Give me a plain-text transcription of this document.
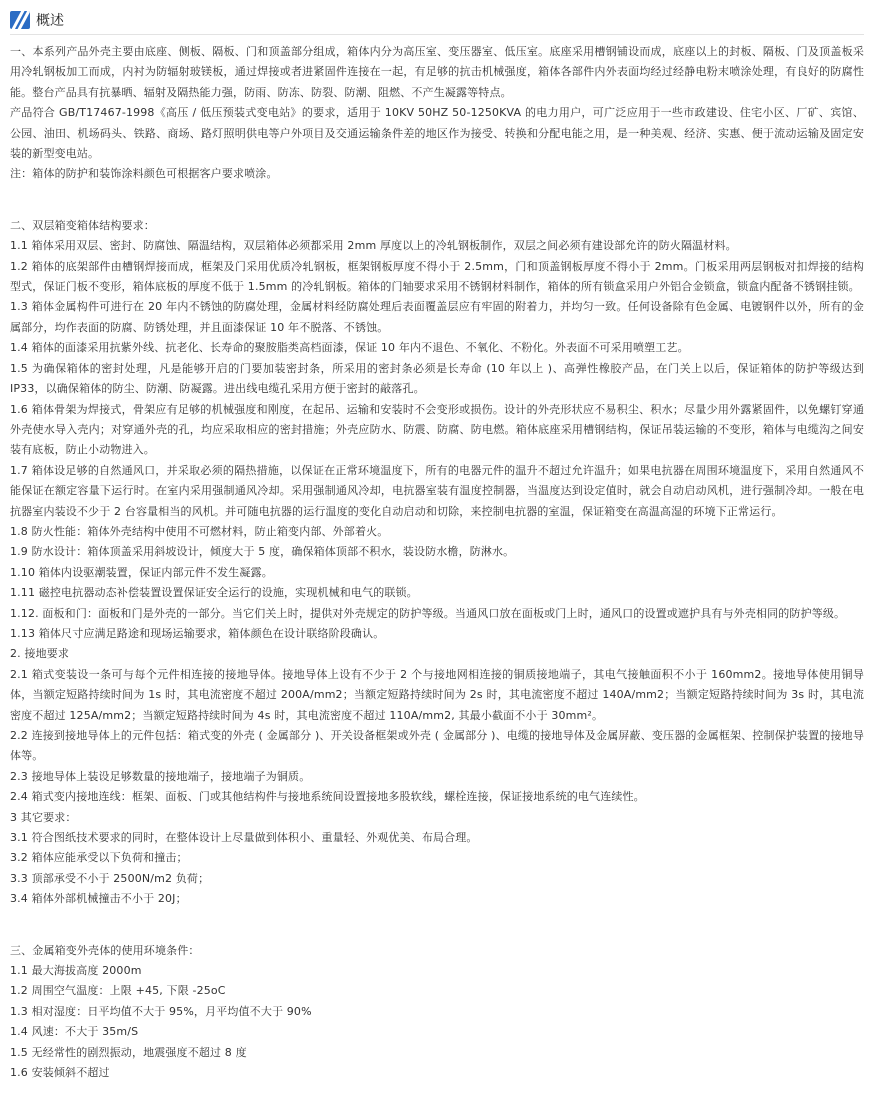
概述

一、本系列产品外壳主要由底座、侧板、隔板、门和顶盖部分组成，箱体内分为高压室、变压器室、低压室。底座采用槽钢铺设而成，底座以上的封板、隔板、门及顶盖板采用冷轧钢板加工而成，内衬为防辐射玻镁板，通过焊接或者进紧固件连接在一起，有足够的抗击机械强度，箱体各部件内外表面均经过经静电粉末喷涂处理，有良好的防腐性能。整台产品具有抗暴晒、辐射及隔热能力强，防雨、防冻、防裂、防潮、阻燃、不产生凝露等特点。

产品符合 GB/T17467-1998《高压 / 低压预装式变电站》的要求，适用于 10KV 50HZ 50-1250KVA 的电力用户，可广泛应用于一些市政建设、住宅小区、厂矿、宾馆、公园、油田、机场码头、铁路、商场、路灯照明供电等户外项目及交通运输条件差的地区作为接受、转换和分配电能之用，是一种美观、经济、实惠、便于流动运输及固定安装的新型变电站。

注：箱体的防护和装饰涂料颜色可根据客户要求喷涂。

二、双层箱变箱体结构要求：

1.1 箱体采用双层、密封、防腐蚀、隔温结构，双层箱体必须都采用 2mm 厚度以上的冷轧钢板制作，双层之间必须有建设部允许的防火隔温材料。

1.2 箱体的底架部件由槽钢焊接而成，框架及门采用优质冷轧钢板，框架钢板厚度不得小于 2.5mm，门和顶盖钢板厚度不得小于 2mm。门板采用两层钢板对扣焊接的结构型式，保证门板不变形，箱体底板的厚度不低于 1.5mm 的冷轧钢板。箱体的门轴要求采用不锈钢材料制作，箱体的所有锁盒采用户外铝合金锁盒，锁盒内配备不锈钢挂锁。

1.3 箱体金属构件可进行在 20 年内不锈蚀的防腐处理，金属材料经防腐处理后表面覆盖层应有牢固的附着力，并均匀一致。任何设备除有色金属、电镀钢件以外，所有的金属部分，均作表面的防腐、防锈处理，并且面漆保证 10 年不脱落、不锈蚀。

1.4 箱体的面漆采用抗紫外线、抗老化、长寿命的聚胺脂类高档面漆，保证 10 年内不退色、不氧化、不粉化。外表面不可采用喷塑工艺。

1.5 为确保箱体的密封处理，凡是能够开启的门要加装密封条，所采用的密封条必须是长寿命 (10 年以上 )、高弹性橡胶产品，在门关上以后，保证箱体的防护等级达到 IP33，以确保箱体的防尘、防潮、防凝露。进出线电缆孔采用方便于密封的敲落孔。

1.6 箱体骨架为焊接式，骨架应有足够的机械强度和刚度，在起吊、运输和安装时不会变形或损伤。设计的外壳形状应不易积尘、积水；尽量少用外露紧固件，以免螺钉穿通外壳使水导入壳内；对穿通外壳的孔，均应采取相应的密封措施；外壳应防水、防震、防腐、防电燃。箱体底座采用槽钢结构，保证吊装运输的不变形，箱体与电缆沟之间安装有底板，防止小动物进入。

1.7 箱体设足够的自然通风口，并采取必须的隔热措施，以保证在正常环境温度下，所有的电器元件的温升不超过允许温升；如果电抗器在周围环境温度下，采用自然通风不能保证在额定容量下运行时。在室内采用强制通风冷却。采用强制通风冷却，电抗器室装有温度控制器，当温度达到设定值时，就会自动启动风机，进行强制冷却。一般在电抗器室内装设不少于 2 台容量相当的风机。并可随电抗器的运行温度的变化自动启动和切除，来控制电抗器的室温，保证箱变在高温高湿的环境下正常运行。

1.8 防火性能：箱体外壳结构中使用不可燃材料，防止箱变内部、外部着火。

1.9 防水设计：箱体顶盖采用斜坡设计，倾度大于 5 度，确保箱体顶部不积水，装设防水檐，防淋水。

1.10 箱体内设驱潮装置，保证内部元件不发生凝露。

1.11 磁控电抗器动态补偿装置设置保证安全运行的设施，实现机械和电气的联锁。

1.12. 面板和门：面板和门是外壳的一部分。当它们关上时，提供对外壳规定的防护等级。当通风口放在面板或门上时，通风口的设置或遮护具有与外壳相同的防护等级。

1.13 箱体尺寸应满足路途和现场运输要求，箱体颜色在设计联络阶段确认。

2. 接地要求

2.1 箱式变装设一条可与每个元件相连接的接地导体。接地导体上设有不少于 2 个与接地网相连接的铜质接地端子，其电气接触面积不小于 160mm2。接地导体使用铜导体，当额定短路持续时间为 1s 时，其电流密度不超过 200A/mm2；当额定短路持续时间为 2s 时，其电流密度不超过 140A/mm2；当额定短路持续时间为 3s 时，其电流密度不超过 125A/mm2；当额定短路持续时间为 4s 时，其电流密度不超过 110A/mm2, 其最小截面不小于 30mm²。

2.2 连接到接地导体上的元件包括：箱式变的外壳 ( 金属部分 )、开关设备框架或外壳 ( 金属部分 )、电缆的接地导体及金属屏蔽、变压器的金属框架、控制保护装置的接地导体等。

2.3 接地导体上装设足够数量的接地端子，接地端子为铜质。

2.4 箱式变内接地连线：框架、面板、门或其他结构件与接地系统间设置接地多股软线，螺栓连接，保证接地系统的电气连续性。

3 其它要求：

3.1 符合图纸技术要求的同时，在整体设计上尽量做到体积小、重量轻、外观优美、布局合理。

3.2 箱体应能承受以下负荷和撞击；

3.3 顶部承受不小于 2500N/m2 负荷；

3.4 箱体外部机械撞击不小于 20J；

三、金属箱变外壳体的使用环境条件：

1.1 最大海拔高度 2000m

1.2 周围空气温度：上限 +45, 下限 -25oC

1.3 相对湿度：日平均值不大于 95%，月平均值不大于 90%

1.4 风速：不大于 35m/S

1.5 无经常性的剧烈振动，地震强度不超过 8 度

1.6 安装倾斜不超过
